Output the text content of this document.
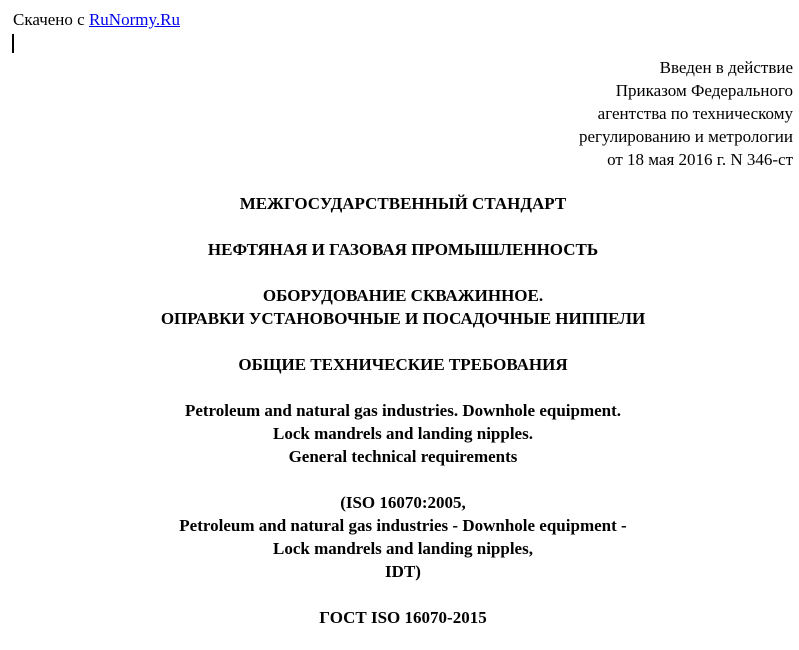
Скачено с RuNormy.Ru
Введен в действие
Приказом Федерального
агентства по техническому
регулированию и метрологии
от 18 мая 2016 г. N 346-ст
МЕЖГОСУДАРСТВЕННЫЙ СТАНДАРТ
НЕФТЯНАЯ И ГАЗОВАЯ ПРОМЫШЛЕННОСТЬ
ОБОРУДОВАНИЕ СКВАЖИННОЕ.
ОПРАВКИ УСТАНОВОЧНЫЕ И ПОСАДОЧНЫЕ НИППЕЛИ
ОБЩИЕ ТЕХНИЧЕСКИЕ ТРЕБОВАНИЯ
Petroleum and natural gas industries. Downhole equipment.
Lock mandrels and landing nipples.
General technical requirements
(ISO 16070:2005,
Petroleum and natural gas industries - Downhole equipment -
Lock mandrels and landing nipples,
IDT)
ГОСТ ISO 16070-2015
